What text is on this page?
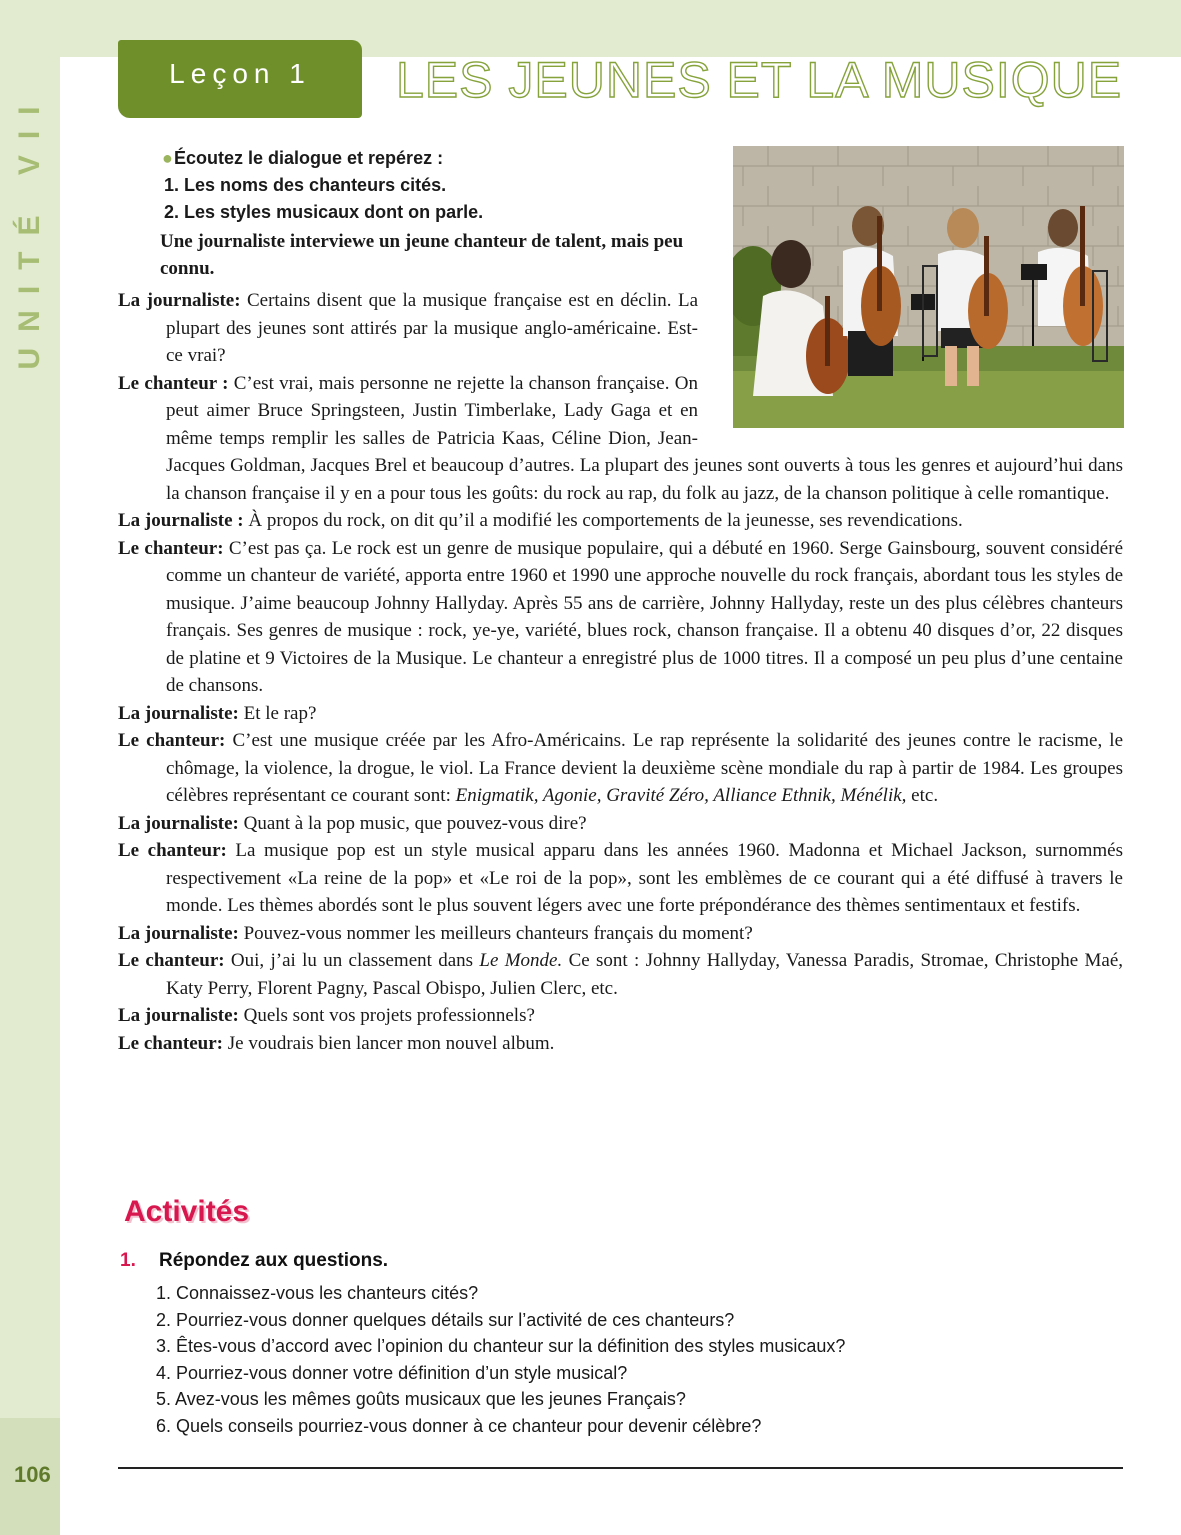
UNITÉ VII
106
Leçon 1	LES JEUNES ET LA MUSIQUE
● Écoutez le dialogue et repérez :
1. Les noms des chanteurs cités.
2. Les styles musicaux dont on parle.
Une journaliste interviewe un jeune chanteur de talent, mais peu connu.

La journaliste: Certains disent que la musique française est en déclin. La plupart des jeunes sont attirés par la musique anglo-américaine. Est-ce vrai?

Le chanteur : C’est vrai, mais personne ne rejette la chanson française. On peut aimer Bruce Springsteen, Justin Timberlake, Lady Gaga et en même temps remplir les salles de Patricia Kaas, Céline Dion, Jean-Jacques Goldman, Jacques Brel et beaucoup d’autres. La plupart des jeunes sont ouverts à tous les genres et aujourd’hui dans la chanson française il y en a pour tous les goûts: du rock au rap, du folk au jazz, de la chanson politique à celle romantique.

La journaliste : À propos du rock, on dit qu’il a modifié les comportements de la jeunesse, ses revendications.

Le chanteur: C’est pas ça. Le rock est un genre de musique populaire, qui a débuté en 1960. Serge Gainsbourg, souvent considéré comme un chanteur de variété, apporta entre 1960 et 1990 une approche nouvelle du rock français, abordant tous les styles de musique. J’aime beaucoup Johnny Hallyday. Après 55 ans de carrière, Johnny Hallyday, reste un des plus célèbres chanteurs français. Ses genres de musique : rock, ye-ye, variété, blues rock, chanson française. Il a obtenu 40 disques d’or, 22 disques de platine et 9 Victoires de la Musique. Le chanteur a enregistré plus de 1000 titres. Il a composé un peu plus d’une centaine de chansons.

La journaliste: Et le rap?

Le chanteur: C’est une musique créée par les Afro-Américains. Le rap représente la solidarité des jeunes contre le racisme, le chômage, la violence, la drogue, le viol. La France devient la deuxième scène mondiale du rap à partir de 1984. Les groupes célèbres représentant ce courant sont: Enigmatik, Agonie, Gravité Zéro, Alliance Ethnik, Ménélik, etc.

La journaliste: Quant à la pop music, que pouvez-vous dire?

Le chanteur: La musique pop est un style musical apparu dans les années 1960. Madonna et Michael Jackson, surnommés respectivement «La reine de la pop» et «Le roi de la pop», sont les emblèmes de ce courant qui a été diffusé à travers le monde. Les thèmes abordés sont le plus souvent légers avec une forte prépondérance des thèmes sentimentaux et festifs.

La journaliste: Pouvez-vous nommer les meilleurs chanteurs français du moment?

Le chanteur: Oui, j’ai lu un classement dans Le Monde. Ce sont : Johnny Hallyday, Vanessa Paradis, Stromae, Christophe Maé, Katy Perry, Florent Pagny, Pascal Obispo, Julien Clerc, etc.

La journaliste: Quels sont vos projets professionnels?

Le chanteur: Je voudrais bien lancer mon nouvel album.

Activités
1. Répondez aux questions.
1. Connaissez-vous les chanteurs cités?
2. Pourriez-vous donner quelques détails sur l’activité de ces chanteurs?
3. Êtes-vous d’accord avec l’opinion du chanteur sur la définition des styles musicaux?
4. Pourriez-vous donner votre définition d’un style musical?
5. Avez-vous les mêmes goûts musicaux que les jeunes Français?
6. Quels conseils pourriez-vous donner à ce chanteur pour devenir célèbre?
